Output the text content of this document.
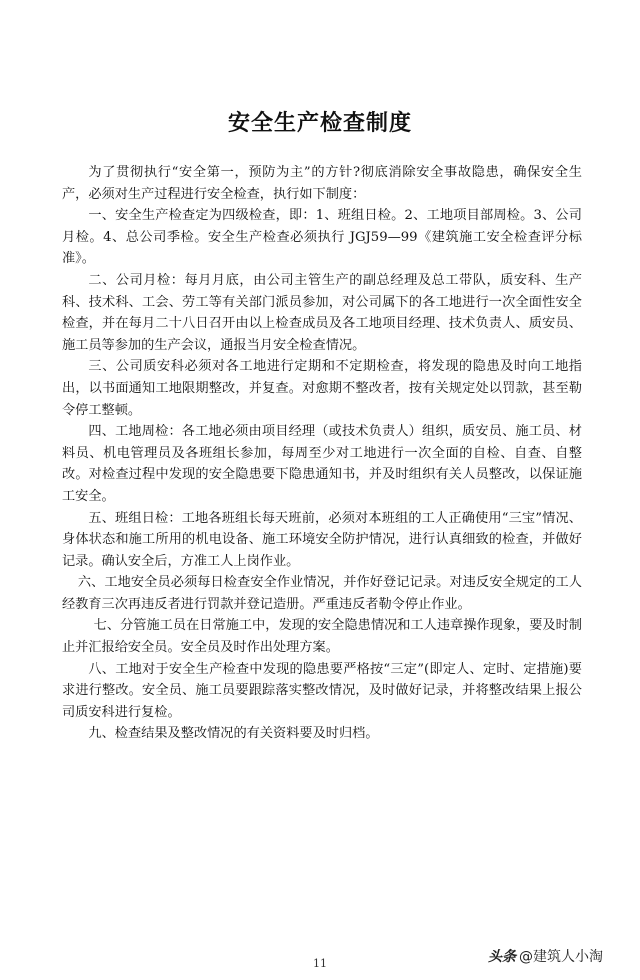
安全生产检查制度

为了贯彻执行“安全第一，预防为主”的方针?彻底消除安全事故隐患，确保安全生产，必须对生产过程进行安全检查，执行如下制度：

一、安全生产检查定为四级检查，即：1、班组日检。2、工地项目部周检。3、公司月检。4、总公司季检。安全生产检查必须执行 JGJ59—99《建筑施工安全检查评分标准》。

二、公司月检：每月月底，由公司主管生产的副总经理及总工带队，质安科、生产科、技术科、工会、劳工等有关部门派员参加，对公司属下的各工地进行一次全面性安全检查，并在每月二十八日召开由以上检查成员及各工地项目经理、技术负责人、质安员、施工员等参加的生产会议，通报当月安全检查情况。

三、公司质安科必须对各工地进行定期和不定期检查，将发现的隐患及时向工地指出，以书面通知工地限期整改，并复查。对愈期不整改者，按有关规定处以罚款，甚至勒令停工整顿。

四、工地周检：各工地必须由项目经理（或技术负责人）组织，质安员、施工员、材料员、机电管理员及各班组长参加，每周至少对工地进行一次全面的自检、自查、自整改。对检查过程中发现的安全隐患要下隐患通知书，并及时组织有关人员整改，以保证施工安全。

五、班组日检：工地各班组长每天班前，必须对本班组的工人正确使用“三宝”情况、身体状态和施工所用的机电设备、施工环境安全防护情况，进行认真细致的检查，并做好记录。确认安全后，方准工人上岗作业。

六、工地安全员必须每日检查安全作业情况，并作好登记记录。对违反安全规定的工人经教育三次再违反者进行罚款并登记造册。严重违反者勒令停止作业。

七、分管施工员在日常施工中，发现的安全隐患情况和工人违章操作现象，要及时制止并汇报给安全员。安全员及时作出处理方案。

八、工地对于安全生产检查中发现的隐患要严格按“三定”(即定人、定时、定措施)要求进行整改。安全员、施工员要跟踪落实整改情况，及时做好记录，并将整改结果上报公司质安科进行复检。

九、检查结果及整改情况的有关资料要及时归档。

11	头条 @建筑人小淘
